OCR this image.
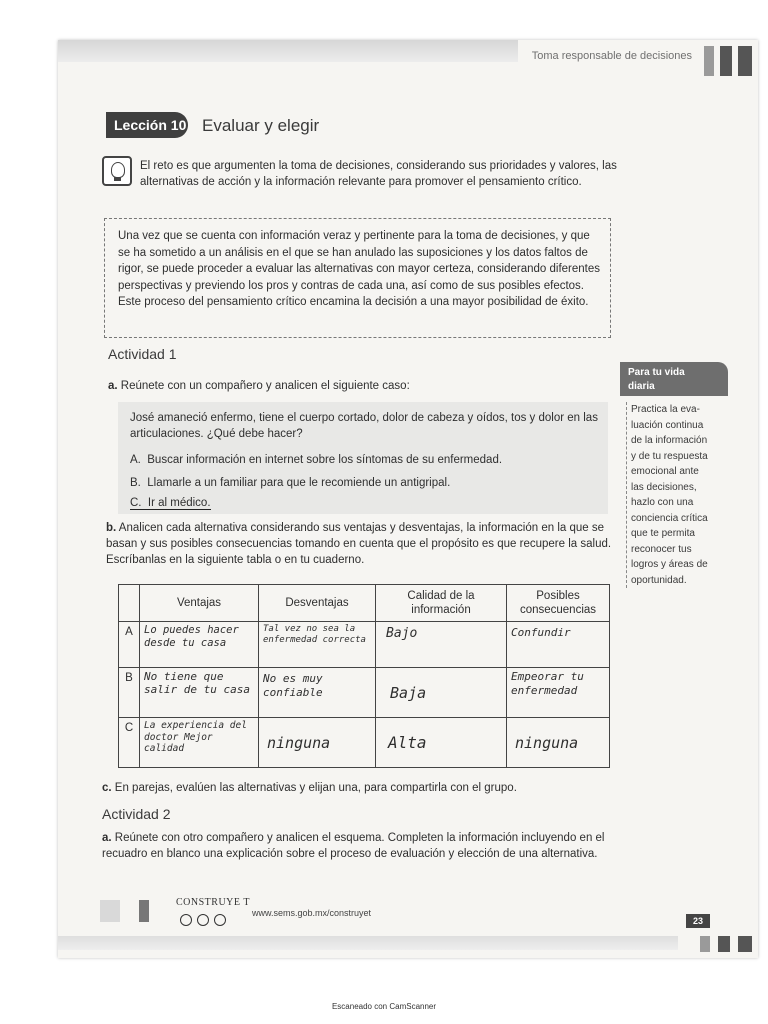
Toma responsable de decisiones
Lección 10 Evaluar y elegir
El reto es que argumenten la toma de decisiones, considerando sus prioridades y valores, las alternativas de acción y la información relevante para promover el pensamiento crítico.
Una vez que se cuenta con información veraz y pertinente para la toma de decisiones, y que se ha sometido a un análisis en el que se han anulado las suposiciones y los datos faltos de rigor, se puede proceder a evaluar las alternativas con mayor certeza, considerando diferentes perspectivas y previendo los pros y contras de cada una, así como de sus posibles efectos. Este proceso del pensamiento crítico encamina la decisión a una mayor posibilidad de éxito.
Actividad 1
a. Reúnete con un compañero y analicen el siguiente caso:
José amaneció enfermo, tiene el cuerpo cortado, dolor de cabeza y oídos, tos y dolor en las articulaciones. ¿Qué debe hacer?
A. Buscar información en internet sobre los síntomas de su enfermedad.
B. Llamarle a un familiar para que le recomiende un antigripal.
C. Ir al médico.
b. Analicen cada alternativa considerando sus ventajas y desventajas, la información en la que se basan y sus posibles consecuencias tomando en cuenta que el propósito es que recupere la salud. Escríbanlas en la siguiente tabla o en tu cuaderno.
	Ventajas	Desventajas	Calidad de la información	Posibles consecuencias
A	Lo puedes hacer desde tu casa	Tal vez no sea la enfermedad correcta	Bajo	Confundir
B	No tiene que salir de tu casa	No es muy confiable	Baja	Empeorar tu enfermedad
C	La experiencia del doctor Mejor calidad	ninguna	Alta	ninguna
c. En parejas, evalúen las alternativas y elijan una, para compartirla con el grupo.
Actividad 2
a. Reúnete con otro compañero y analicen el esquema. Completen la información incluyendo en el recuadro en blanco una explicación sobre el proceso de evaluación y elección de una alternativa.
Para tu vida
diaria
Practica la eva-
luación continua
de la información
y de tu respuesta
emocional ante
las decisiones,
hazlo con una
conciencia crítica
que te permita
reconocer tus
logros y áreas de
oportunidad.

CONSTRUYE T
www.sems.gob.mx/construyet
23
Escaneado con CamScanner
